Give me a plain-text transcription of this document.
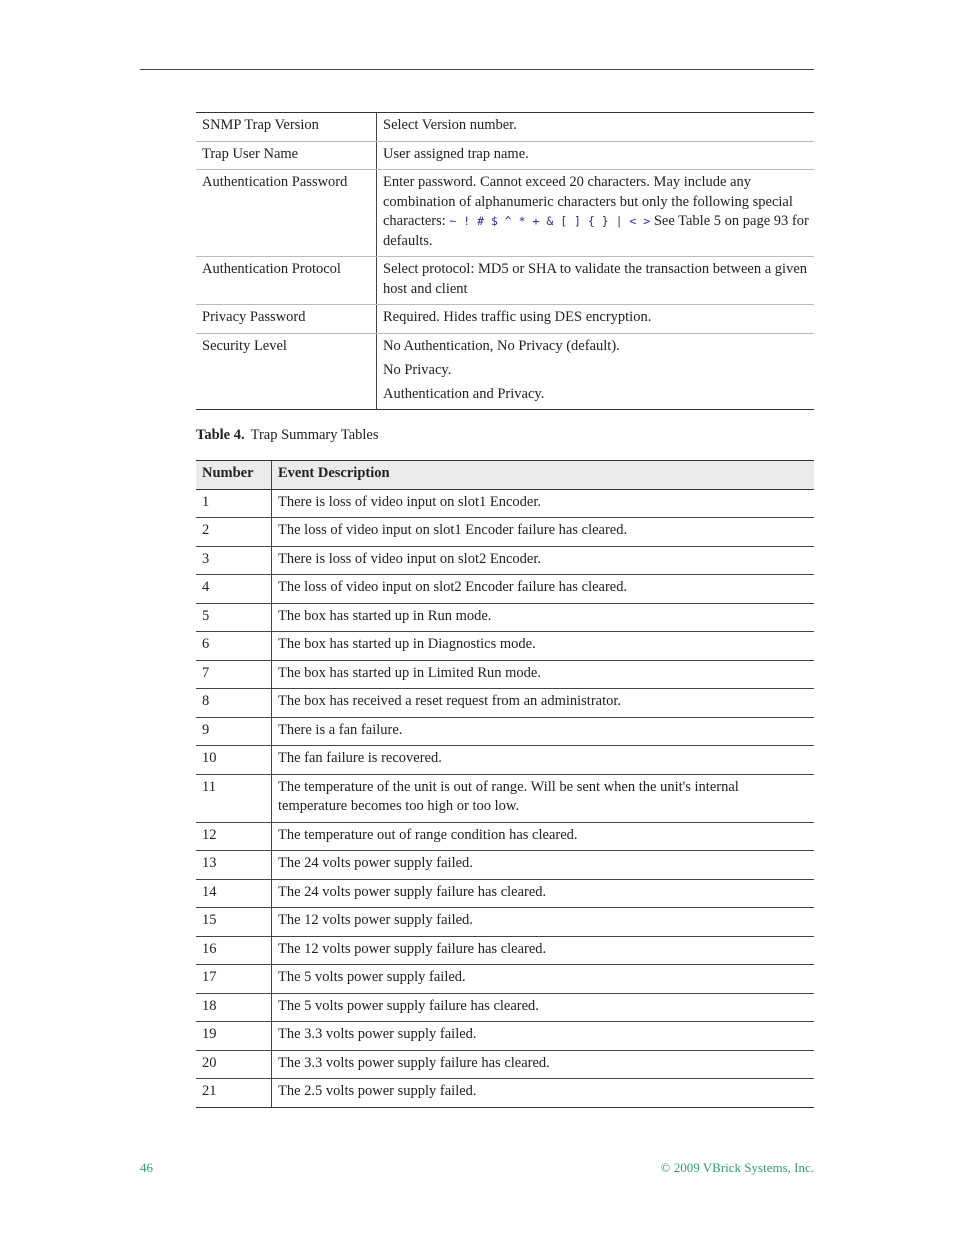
SNMP Trap Version	Select Version number.

Trap User Name	User assigned trap name.

Authentication Password	Enter password. Cannot exceed 20 characters. May include any combination of alphanumeric characters but only the following special characters: ~ ! # $ ^ * + & [ ] { } | < > See Table 5 on page 93 for defaults.
Authentication Protocol	Select protocol: MD5 or SHA to validate the transaction between a given host and client

Privacy Password	Required. Hides traffic using DES encryption.

Security Level	No Authentication, No Privacy (default).
No Privacy.
Authentication and Privacy.
Table 4. Trap Summary Tables
Number	Event Description
1	There is loss of video input on slot1 Encoder.
2	The loss of video input on slot1 Encoder failure has cleared.
3	There is loss of video input on slot2 Encoder.
4	The loss of video input on slot2 Encoder failure has cleared.
5	The box has started up in Run mode.
6	The box has started up in Diagnostics mode.
7	The box has started up in Limited Run mode.
8	The box has received a reset request from an administrator.
9	There is a fan failure.
10	The fan failure is recovered.
11	The temperature of the unit is out of range. Will be sent when the unit's internal temperature becomes too high or too low.
12	The temperature out of range condition has cleared.
13	The 24 volts power supply failed.
14	The 24 volts power supply failure has cleared.
15	The 12 volts power supply failed.
16	The 12 volts power supply failure has cleared.
17	The 5 volts power supply failed.
18	The 5 volts power supply failure has cleared.
19	The 3.3 volts power supply failed.
20	The 3.3 volts power supply failure has cleared.
21	The 2.5 volts power supply failed.
46	© 2009 VBrick Systems, Inc.
